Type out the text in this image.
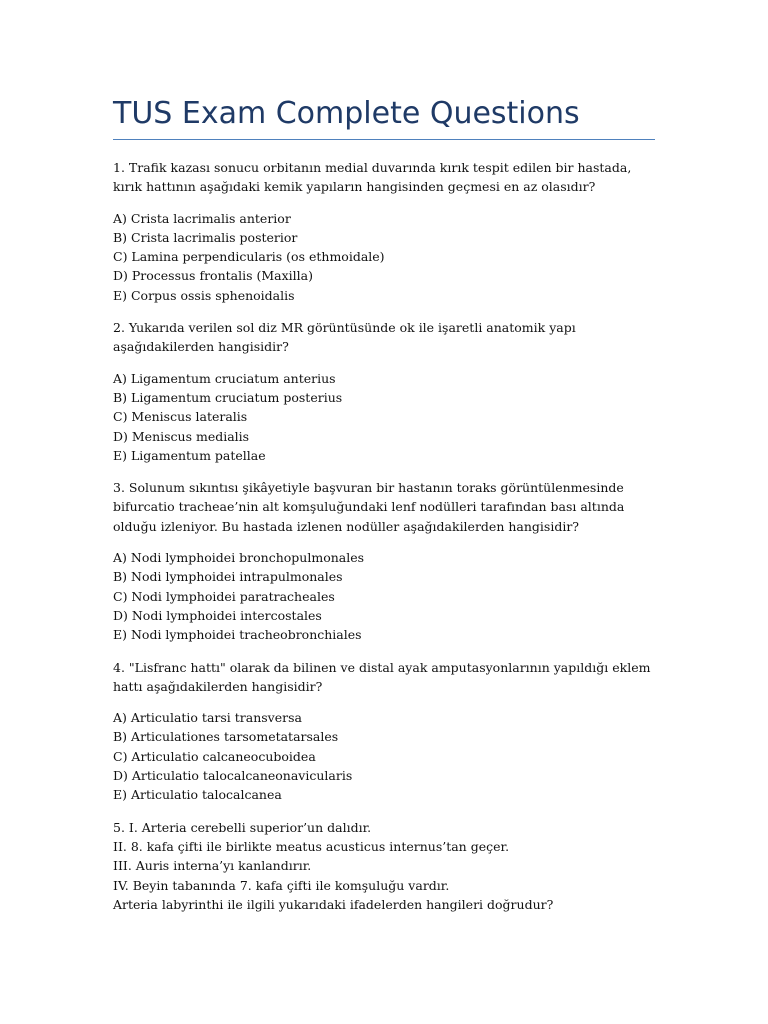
TUS Exam Complete Questions

1. Trafik kazası sonucu orbitanın medial duvarında kırık tespit edilen bir hastada, kırık hattının aşağıdaki kemik yapıların hangisinden geçmesi en az olasıdır?

A) Crista lacrimalis anterior

B) Crista lacrimalis posterior

C) Lamina perpendicularis (os ethmoidale)

D) Processus frontalis (Maxilla)

E) Corpus ossis sphenoidalis

2. Yukarıda verilen sol diz MR görüntüsünde ok ile işaretli anatomik yapı aşağıdakilerden hangisidir?

A) Ligamentum cruciatum anterius

B) Ligamentum cruciatum posterius

C) Meniscus lateralis

D) Meniscus medialis

E) Ligamentum patellae

3. Solunum sıkıntısı şikâyetiyle başvuran bir hastanın toraks görüntülenmesinde bifurcatio tracheae’nin alt komşuluğundaki lenf nodülleri tarafından bası altında olduğu izleniyor. Bu hastada izlenen nodüller aşağıdakilerden hangisidir?

A) Nodi lymphoidei bronchopulmonales

B) Nodi lymphoidei intrapulmonales

C) Nodi lymphoidei paratracheales

D) Nodi lymphoidei intercostales

E) Nodi lymphoidei tracheobronchiales

4. "Lisfranc hattı" olarak da bilinen ve distal ayak amputasyonlarının yapıldığı eklem hattı aşağıdakilerden hangisidir?

A) Articulatio tarsi transversa

B) Articulationes tarsometatarsales

C) Articulatio calcaneocuboidea

D) Articulatio talocalcaneonavicularis

E) Articulatio talocalcanea

5. I. Arteria cerebelli superior’un dalıdır.

II. 8. kafa çifti ile birlikte meatus acusticus internus’tan geçer.

III. Auris interna’yı kanlandırır.

IV. Beyin tabanında 7. kafa çifti ile komşuluğu vardır.

Arteria labyrinthi ile ilgili yukarıdaki ifadelerden hangileri doğrudur?
